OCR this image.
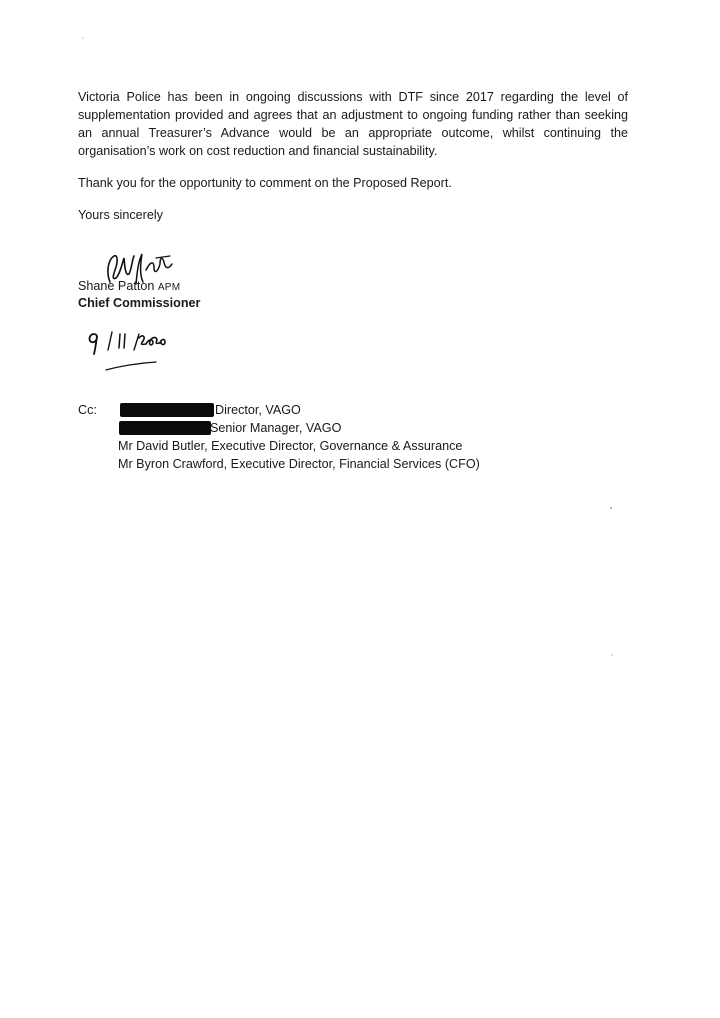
Victoria Police has been in ongoing discussions with DTF since 2017 regarding the level of supplementation provided and agrees that an adjustment to ongoing funding rather than seeking an annual Treasurer’s Advance would be an appropriate outcome, whilst continuing the organisation’s work on cost reduction and financial sustainability.

Thank you for the opportunity to comment on the Proposed Report.

Yours sincerely

Shane Patton APM
Chief Commissioner
Cc:	Director, VAGO
Senior Manager, VAGO
Mr David Butler, Executive Director, Governance & Assurance
Mr Byron Crawford, Executive Director, Financial Services (CFO)
